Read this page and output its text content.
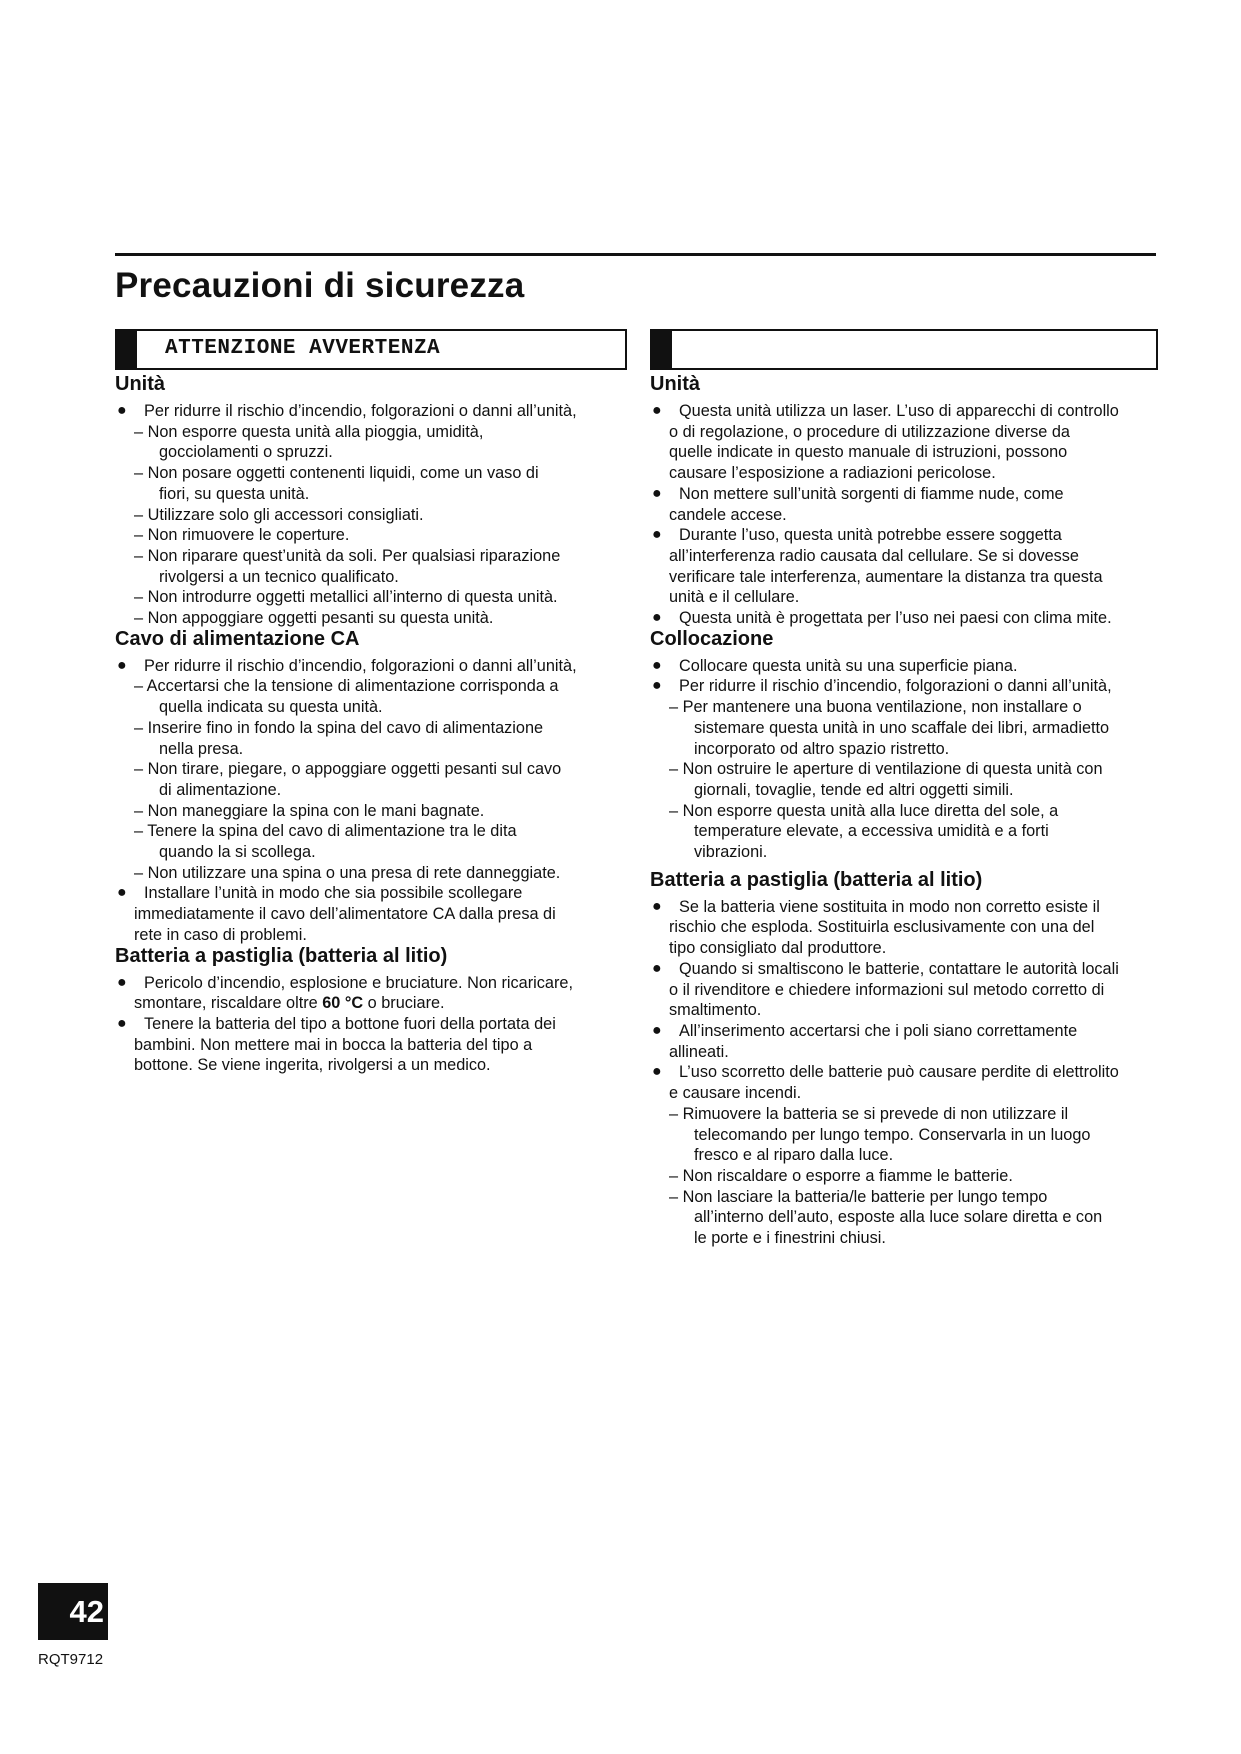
Precauzioni di sicurezza
ATTENZIONE AVVERTENZA
Unità
● Per ridurre il rischio d’incendio, folgorazioni o danni all’unità,
– Non esporre questa unità alla pioggia, umidità,
gocciolamenti o spruzzi.
– Non posare oggetti contenenti liquidi, come un vaso di
fiori, su questa unità.
– Utilizzare solo gli accessori consigliati.
– Non rimuovere le coperture.
– Non riparare quest’unità da soli. Per qualsiasi riparazione
rivolgersi a un tecnico qualificato.
– Non introdurre oggetti metallici all’interno di questa unità.
– Non appoggiare oggetti pesanti su questa unità.
Cavo di alimentazione CA
● Per ridurre il rischio d’incendio, folgorazioni o danni all’unità,
– Accertarsi che la tensione di alimentazione corrisponda a
quella indicata su questa unità.
– Inserire fino in fondo la spina del cavo di alimentazione
nella presa.
– Non tirare, piegare, o appoggiare oggetti pesanti sul cavo
di alimentazione.
– Non maneggiare la spina con le mani bagnate.
– Tenere la spina del cavo di alimentazione tra le dita
quando la si scollega.
– Non utilizzare una spina o una presa di rete danneggiate.
● Installare l’unità in modo che sia possibile scollegare
immediatamente il cavo dell’alimentatore CA dalla presa di
rete in caso di problemi.
Batteria a pastiglia (batteria al litio)
● Pericolo d’incendio, esplosione e bruciature. Non ricaricare,
smontare, riscaldare oltre 60 °C o bruciare.
● Tenere la batteria del tipo a bottone fuori della portata dei
bambini. Non mettere mai in bocca la batteria del tipo a
bottone. Se viene ingerita, rivolgersi a un medico.
Unità
● Questa unità utilizza un laser. L’uso di apparecchi di controllo
o di regolazione, o procedure di utilizzazione diverse da
quelle indicate in questo manuale di istruzioni, possono
causare l’esposizione a radiazioni pericolose.
● Non mettere sull’unità sorgenti di fiamme nude, come
candele accese.
● Durante l’uso, questa unità potrebbe essere soggetta
all’interferenza radio causata dal cellulare. Se si dovesse
verificare tale interferenza, aumentare la distanza tra questa
unità e il cellulare.
● Questa unità è progettata per l’uso nei paesi con clima mite.
Collocazione
● Collocare questa unità su una superficie piana.
● Per ridurre il rischio d’incendio, folgorazioni o danni all’unità,
– Per mantenere una buona ventilazione, non installare o
sistemare questa unità in uno scaffale dei libri, armadietto
incorporato od altro spazio ristretto.
– Non ostruire le aperture di ventilazione di questa unità con
giornali, tovaglie, tende ed altri oggetti simili.
– Non esporre questa unità alla luce diretta del sole, a
temperature elevate, a eccessiva umidità e a forti
vibrazioni.
Batteria a pastiglia (batteria al litio)
● Se la batteria viene sostituita in modo non corretto esiste il
rischio che esploda. Sostituirla esclusivamente con una del
tipo consigliato dal produttore.
● Quando si smaltiscono le batterie, contattare le autorità locali
o il rivenditore e chiedere informazioni sul metodo corretto di
smaltimento.
● All’inserimento accertarsi che i poli siano correttamente
allineati.
● L’uso scorretto delle batterie può causare perdite di elettrolito
e causare incendi.
– Rimuovere la batteria se si prevede di non utilizzare il
telecomando per lungo tempo. Conservarla in un luogo
fresco e al riparo dalla luce.
– Non riscaldare o esporre a fiamme le batterie.
– Non lasciare la batteria/le batterie per lungo tempo
all’interno dell’auto, esposte alla luce solare diretta e con
le porte e i finestrini chiusi.
42
RQT9712
